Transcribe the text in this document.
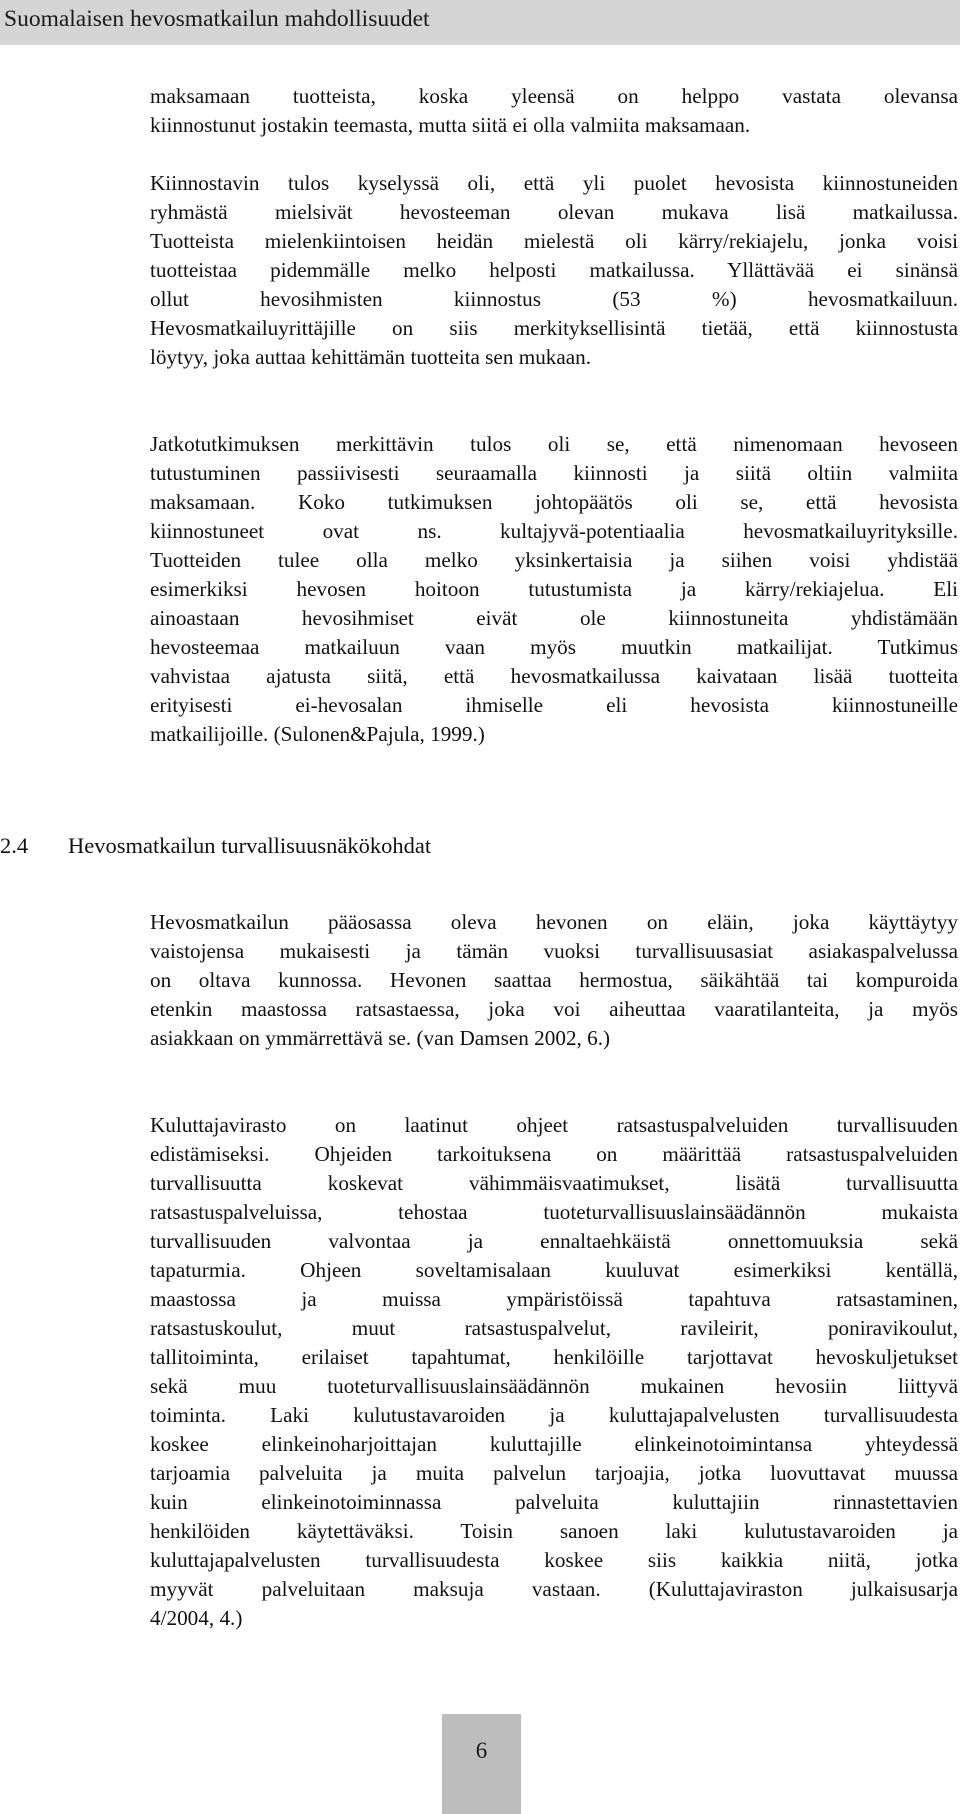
Suomalaisen hevosmatkailun mahdollisuudet
maksamaan tuotteista, koska yleensä on helppo vastata olevansa
kiinnostunut jostakin teemasta, mutta siitä ei olla valmiita maksamaan.
Kiinnostavin tulos kyselyssä oli, että yli puolet hevosista kiinnostuneiden
ryhmästä mielsivät hevosteeman olevan mukava lisä matkailussa.
Tuotteista mielenkiintoisen heidän mielestä oli kärry/rekiajelu, jonka voisi
tuotteistaa pidemmälle melko helposti matkailussa. Yllättävää ei sinänsä
ollut hevosihmisten kiinnostus (53 %) hevosmatkailuun.
Hevosmatkailuyrittäjille on siis merkityksellisintä tietää, että kiinnostusta
löytyy, joka auttaa kehittämän tuotteita sen mukaan.
Jatkotutkimuksen merkittävin tulos oli se, että nimenomaan hevoseen
tutustuminen passiivisesti seuraamalla kiinnosti ja siitä oltiin valmiita
maksamaan. Koko tutkimuksen johtopäätös oli se, että hevosista
kiinnostuneet ovat ns. kultajyvä-potentiaalia hevosmatkailuyrityksille.
Tuotteiden tulee olla melko yksinkertaisia ja siihen voisi yhdistää
esimerkiksi hevosen hoitoon tutustumista ja kärry/rekiajelua. Eli
ainoastaan hevosihmiset eivät ole kiinnostuneita yhdistämään
hevosteemaa matkailuun vaan myös muutkin matkailijat. Tutkimus
vahvistaa ajatusta siitä, että hevosmatkailussa kaivataan lisää tuotteita
erityisesti ei-hevosalan ihmiselle eli hevosista kiinnostuneille
matkailijoille. (Sulonen&Pajula, 1999.)
2.4 Hevosmatkailun turvallisuusnäkökohdat
Hevosmatkailun pääosassa oleva hevonen on eläin, joka käyttäytyy
vaistojensa mukaisesti ja tämän vuoksi turvallisuusasiat asiakaspalvelussa
on oltava kunnossa. Hevonen saattaa hermostua, säikähtää tai kompuroida
etenkin maastossa ratsastaessa, joka voi aiheuttaa vaaratilanteita, ja myös
asiakkaan on ymmärrettävä se. (van Damsen 2002, 6.)
Kuluttajavirasto on laatinut ohjeet ratsastuspalveluiden turvallisuuden
edistämiseksi. Ohjeiden tarkoituksena on määrittää ratsastuspalveluiden
turvallisuutta koskevat vähimmäisvaatimukset, lisätä turvallisuutta
ratsastuspalveluissa, tehostaa tuoteturvallisuuslainsäädännön mukaista
turvallisuuden valvontaa ja ennaltaehkäistä onnettomuuksia sekä
tapaturmia. Ohjeen soveltamisalaan kuuluvat esimerkiksi kentällä,
maastossa ja muissa ympäristöissä tapahtuva ratsastaminen,
ratsastuskoulut, muut ratsastuspalvelut, ravileirit, poniravikoulut,
tallitoiminta, erilaiset tapahtumat, henkilöille tarjottavat hevoskuljetukset
sekä muu tuoteturvallisuuslainsäädännön mukainen hevosiin liittyvä
toiminta. Laki kulutustavaroiden ja kuluttajapalvelusten turvallisuudesta
koskee elinkeinoharjoittajan kuluttajille elinkeinotoimintansa yhteydessä
tarjoamia palveluita ja muita palvelun tarjoajia, jotka luovuttavat muussa
kuin elinkeinotoiminnassa palveluita kuluttajiin rinnastettavien
henkilöiden käytettäväksi. Toisin sanoen laki kulutustavaroiden ja
kuluttajapalvelusten turvallisuudesta koskee siis kaikkia niitä, jotka
myyvät palveluitaan maksuja vastaan. (Kuluttajaviraston julkaisusarja
4/2004, 4.)
6
